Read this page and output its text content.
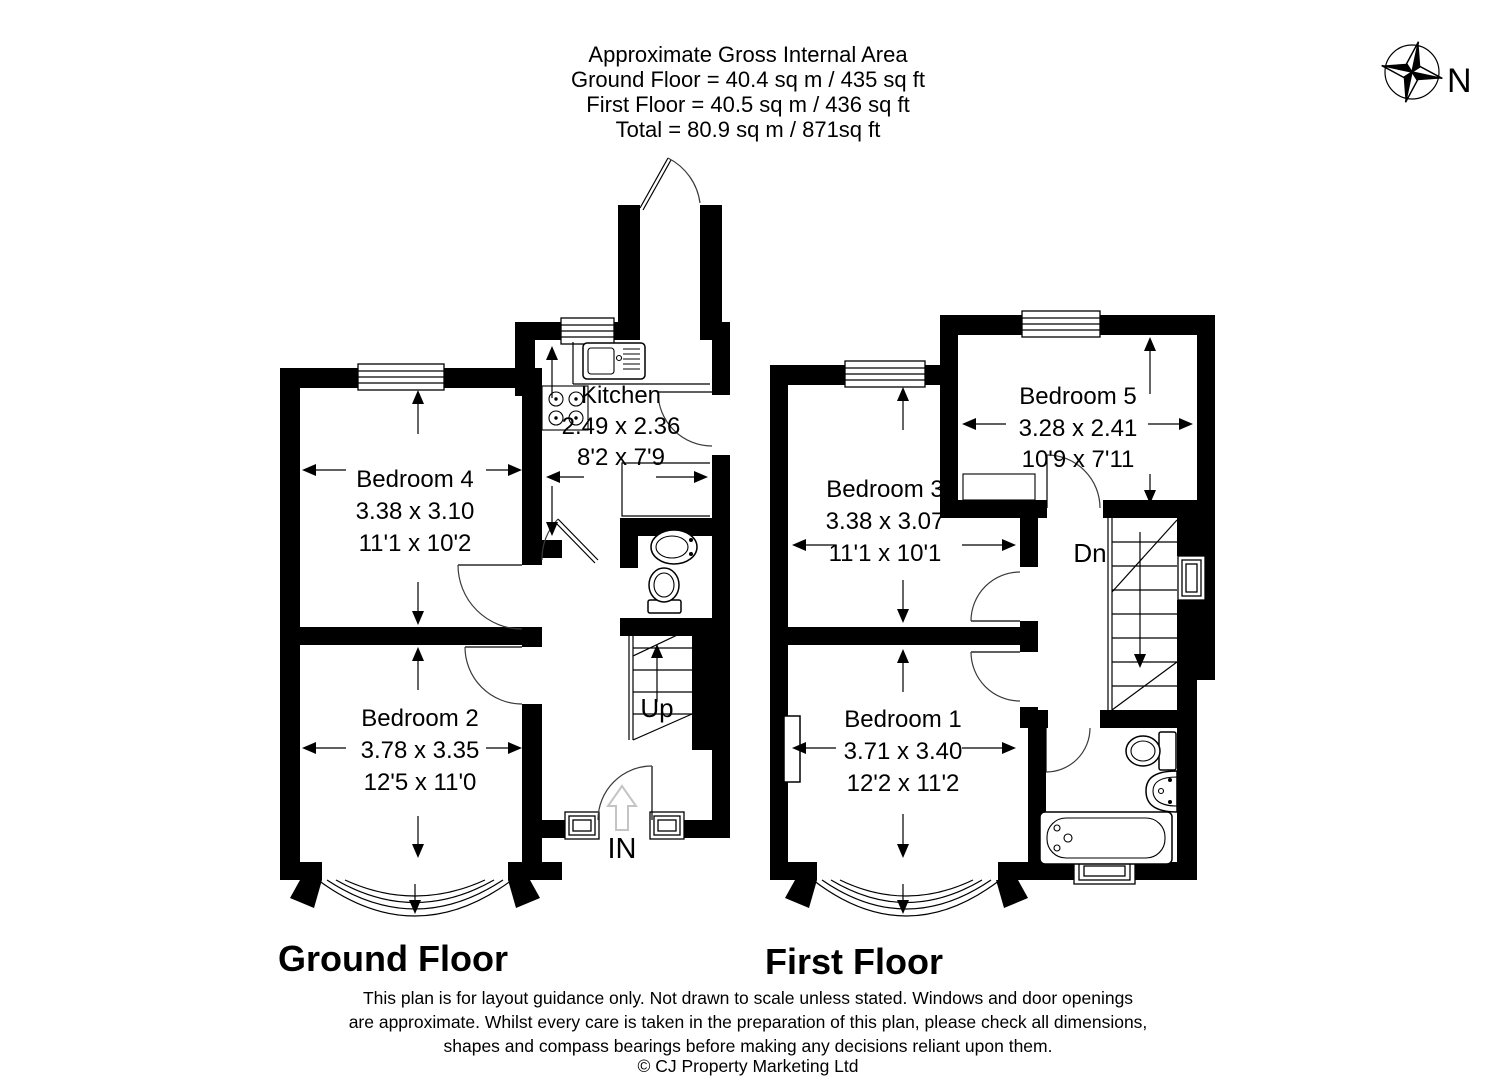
Approximate Gross Internal Area
Ground Floor = 40.4 sq m / 435 sq ft
First Floor = 40.5 sq m / 436 sq ft
Total = 80.9 sq m / 871sq ft
N
Up
IN
Bedroom 4
3.38 x 3.10
11'1 x 10'2
Kitchen
2.49 x 2.36
8'2 x 7'9
Bedroom 2
3.78 x 3.35
12'5 x 11'0
Dn
Bedroom 3
3.38 x 3.07
11'1 x 10'1
Bedroom 5
3.28 x 2.41
10'9 x 7'11
Bedroom 1
3.71 x 3.40
12'2 x 11'2
Ground Floor	First Floor
This plan is for layout guidance only. Not drawn to scale unless stated. Windows and door openings
are approximate. Whilst every care is taken in the preparation of this plan, please check all dimensions,
shapes and compass bearings before making any decisions reliant upon them.
© CJ Property Marketing Ltd
